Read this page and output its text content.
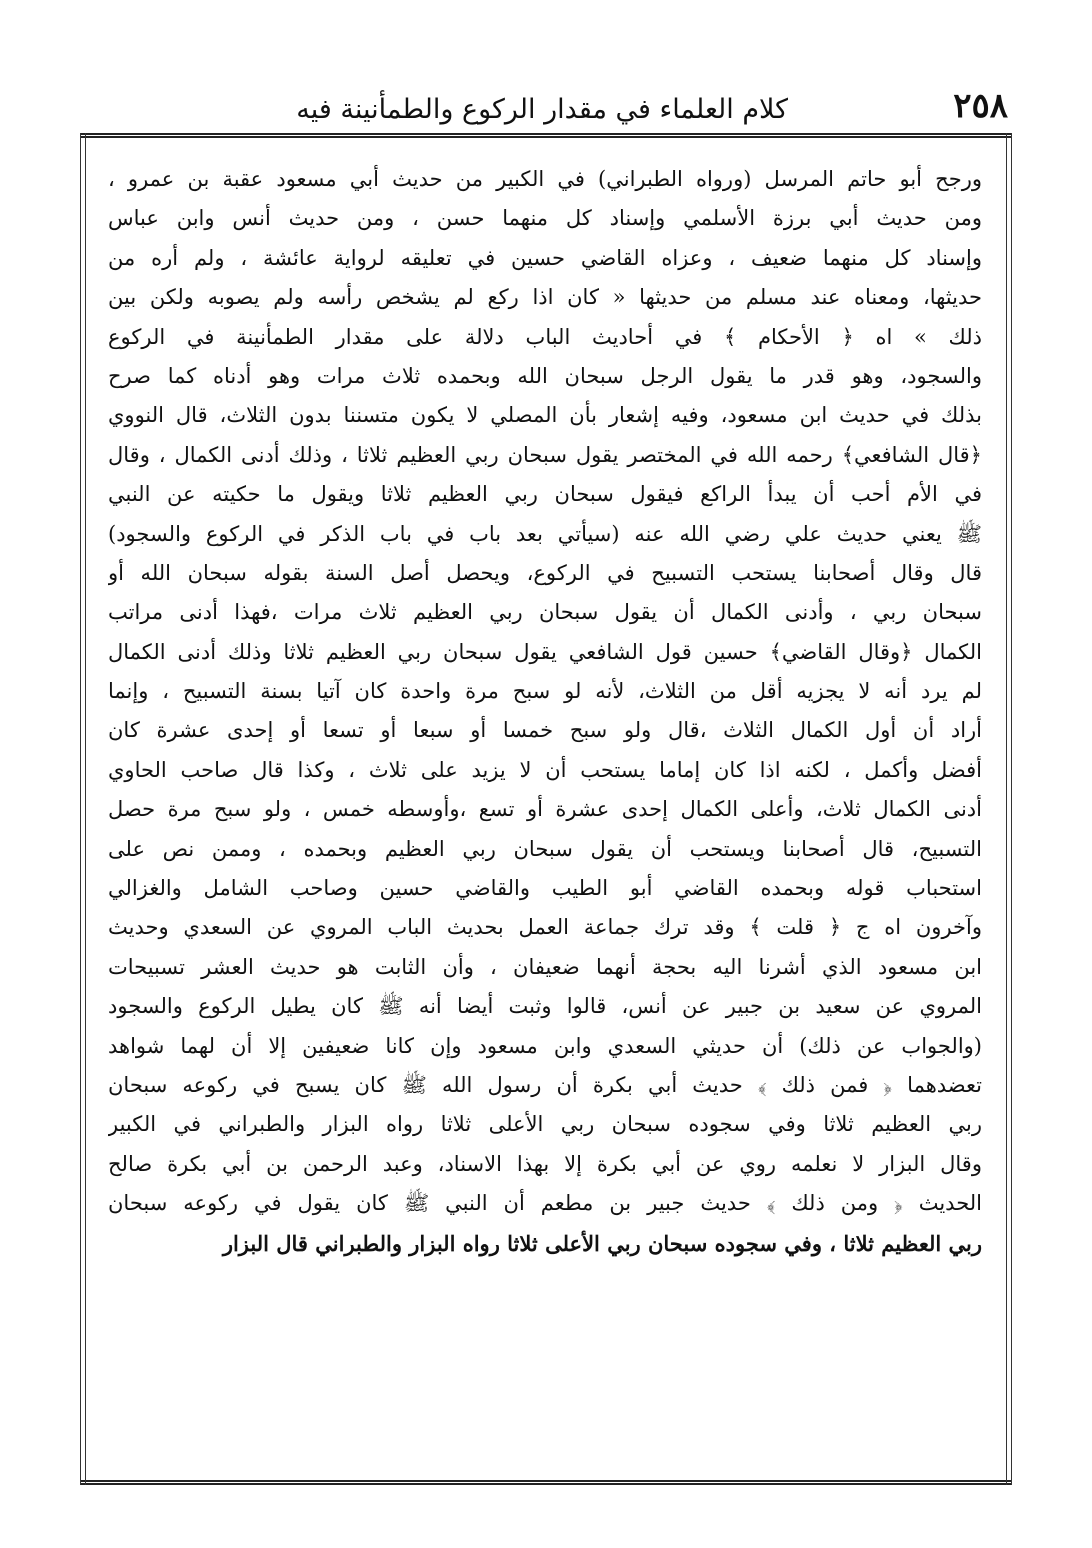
٢٥٨
كلام العلماء في مقدار الركوع والطمأنينة فيه
ورجح أبو حاتم المرسل (ورواه الطبراني) في الكبير من حديث أبي مسعود عقبة بن عمرو ،
ومن حديث أبي برزة الأسلمي وإسناد كل منهما حسن ، ومن حديث أنس وابن عباس
وإسناد كل منهما ضعيف ، وعزاه القاضي حسين في تعليقه لرواية عائشة ، ولم أره من
حديثها، ومعناه عند مسلم من حديثها « كان اذا ركع لم يشخص رأسه ولم يصوبه ولكن بين
ذلك » اه ﴿ الأحكام ﴾ في أحاديث الباب دلالة على مقدار الطمأنينة في الركوع
والسجود، وهو قدر ما يقول الرجل سبحان الله وبحمده ثلاث مرات وهو أدناه كما صرح
بذلك في حديث ابن مسعود، وفيه إشعار بأن المصلي لا يكون متسننا بدون الثلاث، قال النووي
﴿قال الشافعي﴾ رحمه الله في المختصر يقول سبحان ربي العظيم ثلاثا ، وذلك أدنى الكمال ، وقال
في الأم أحب أن يبدأ الراكع فيقول سبحان ربي العظيم ثلاثا ويقول ما حكيته عن النبي
ﷺ يعني حديث علي رضي الله عنه (سيأتي بعد باب في باب الذكر في الركوع والسجود)
قال وقال أصحابنا يستحب التسبيح في الركوع، ويحصل أصل السنة بقوله سبحان الله أو
سبحان ربي ، وأدنى الكمال أن يقول سبحان ربي العظيم ثلاث مرات ،فهذا أدنى مراتب
الكمال ﴿وقال القاضي﴾ حسين قول الشافعي يقول سبحان ربي العظيم ثلاثا وذلك أدنى الكمال
لم يرد أنه لا يجزيه أقل من الثلاث، لأنه لو سبح مرة واحدة كان آتيا بسنة التسبيح ، وإنما
أراد أن أول الكمال الثلاث ،قال ولو سبح خمسا أو سبعا أو تسعا أو إحدى عشرة كان
أفضل وأكمل ، لكنه اذا كان إماما يستحب أن لا يزيد على ثلاث ، وكذا قال صاحب الحاوي
أدنى الكمال ثلاث، وأعلى الكمال إحدى عشرة أو تسع ،وأوسطه خمس ، ولو سبح مرة حصل
التسبيح، قال أصحابنا ويستحب أن يقول سبحان ربي العظيم وبحمده ، وممن نص على
استحباب قوله وبحمده القاضي أبو الطيب والقاضي حسين وصاحب الشامل والغزالي
وآخرون اه ج ﴿ قلت ﴾ وقد ترك جماعة العمل بحديث الباب المروي عن السعدي وحديث
ابن مسعود الذي أشرنا اليه بحجة أنهما ضعيفان ، وأن الثابت هو حديث العشر تسبيحات
المروي عن سعيد بن جبير عن أنس، قالوا وثبت أيضا أنه ﷺ كان يطيل الركوع والسجود
(والجواب عن ذلك) أن حديثي السعدي وابن مسعود وإن كانا ضعيفين إلا أن لهما شواهد
تعضدهما ﴿ فمن ذلك ﴾ حديث أبي بكرة أن رسول الله ﷺ كان يسبح في ركوعه سبحان
ربي العظيم ثلاثا وفي سجوده سبحان ربي الأعلى ثلاثا رواه البزار والطبراني في الكبير
وقال البزار لا نعلمه روي عن أبي بكرة إلا بهذا الاسناد، وعبد الرحمن بن أبي بكرة صالح
الحديث ﴿ ومن ذلك ﴾ حديث جبير بن مطعم أن النبي ﷺ كان يقول في ركوعه سبحان
ربي العظيم ثلاثا ، وفي سجوده سبحان ربي الأعلى ثلاثا رواه البزار والطبراني قال البزار
